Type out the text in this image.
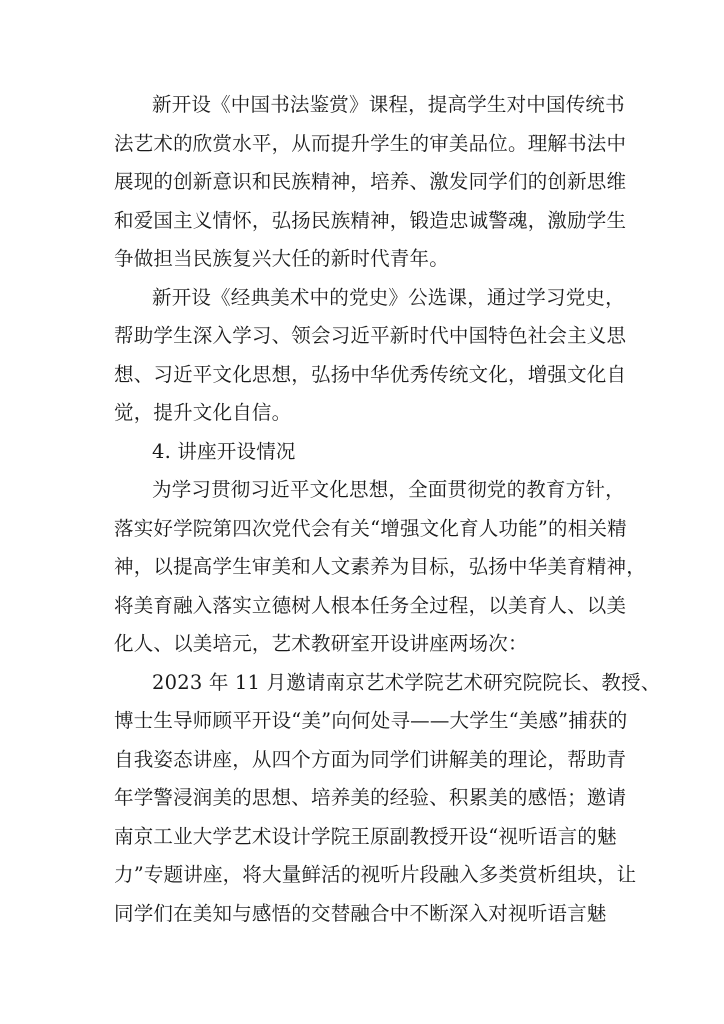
新开设《中国书法鉴赏》课程，提高学生对中国传统书
法艺术的欣赏水平，从而提升学生的审美品位。理解书法中
展现的创新意识和民族精神，培养、激发同学们的创新思维
和爱国主义情怀，弘扬民族精神，锻造忠诚警魂，激励学生
争做担当民族复兴大任的新时代青年。
新开设《经典美术中的党史》公选课，通过学习党史，
帮助学生深入学习、领会习近平新时代中国特色社会主义思
想、习近平文化思想，弘扬中华优秀传统文化，增强文化自
觉，提升文化自信。
4. 讲座开设情况
为学习贯彻习近平文化思想，全面贯彻党的教育方针，
落实好学院第四次党代会有关“增强文化育人功能”的相关精
神，以提高学生审美和人文素养为目标，弘扬中华美育精神，
将美育融入落实立德树人根本任务全过程，以美育人、以美
化人、以美培元，艺术教研室开设讲座两场次：
2023 年 11 月邀请南京艺术学院艺术研究院院长、教授、
博士生导师顾平开设“美”向何处寻——大学生“美感”捕获的
自我姿态讲座，从四个方面为同学们讲解美的理论，帮助青
年学警浸润美的思想、培养美的经验、积累美的感悟；邀请
南京工业大学艺术设计学院王原副教授开设“视听语言的魅
力”专题讲座，将大量鲜活的视听片段融入多类赏析组块，让
同学们在美知与感悟的交替融合中不断深入对视听语言魅
